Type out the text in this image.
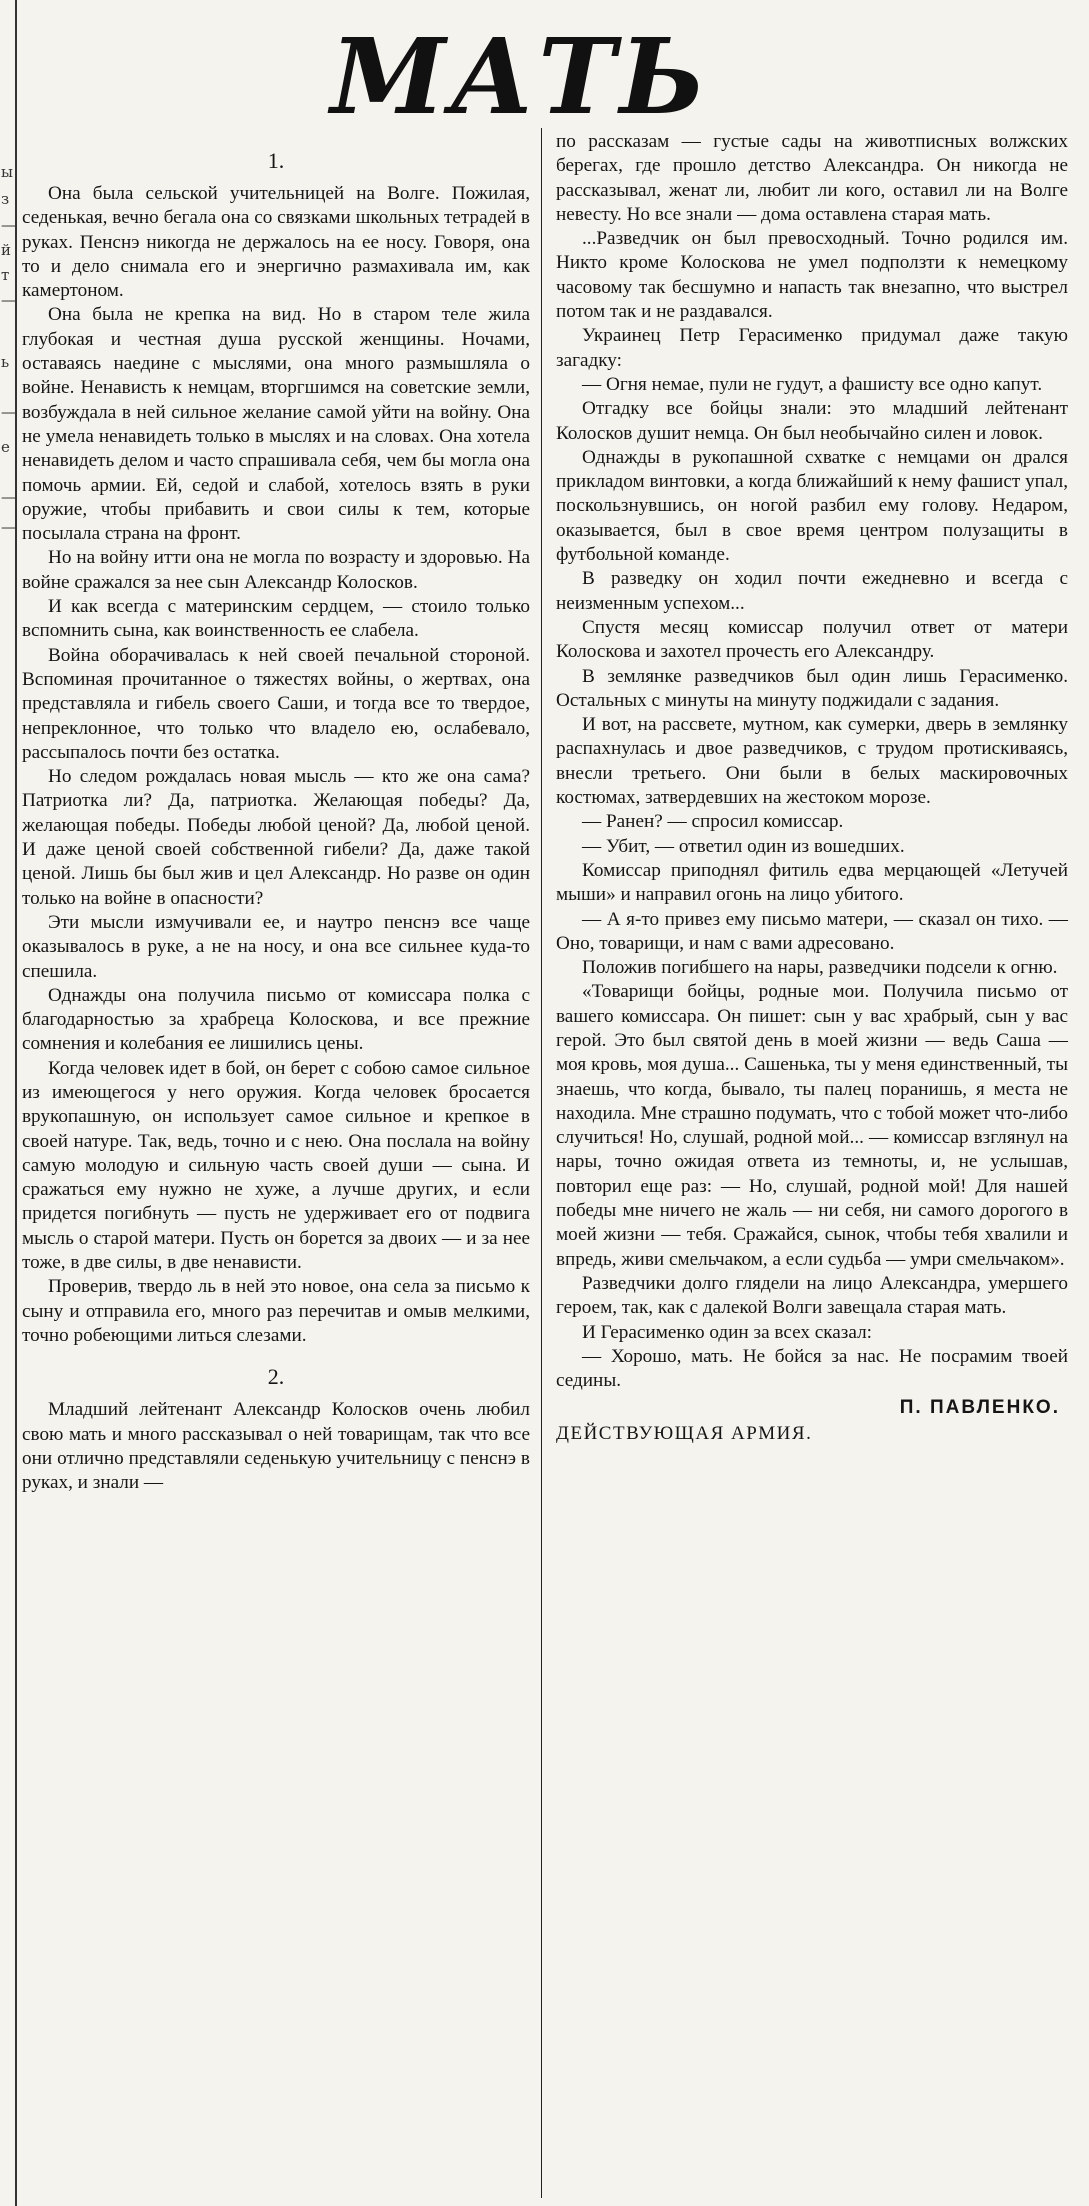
ы
з
—
й
т
—
ь
—
е
—
—
МАТЬ
1.

Она была сельской учительницей на Волге. Пожилая, седенькая, вечно бегала она со связками школьных тетрадей в руках. Пенснэ никогда не держалось на ее носу. Говоря, она то и дело снимала его и энергично размахивала им, как камертоном.

Она была не крепка на вид. Но в старом теле жила глубокая и честная душа русской женщины. Ночами, оставаясь наедине с мыслями, она много размышляла о войне. Ненависть к немцам, вторгшимся на советские земли, возбуждала в ней сильное желание самой уйти на войну. Она не умела ненавидеть только в мыслях и на словах. Она хотела ненавидеть делом и часто спрашивала себя, чем бы могла она помочь армии. Ей, седой и слабой, хотелось взять в руки оружие, чтобы прибавить и свои силы к тем, которые посылала страна на фронт.

Но на войну итти она не могла по возрасту и здоровью. На войне сражался за нее сын Александр Колосков.

И как всегда с материнским сердцем, — стоило только вспомнить сына, как воинственность ее слабела.

Война оборачивалась к ней своей печальной стороной. Вспоминая прочитанное о тяжестях войны, о жертвах, она представляла и гибель своего Саши, и тогда все то твердое, непреклонное, что только что владело ею, ослабевало, рассыпалось почти без остатка.

Но следом рождалась новая мысль — кто же она сама? Патриотка ли? Да, патриотка. Желающая победы? Да, желающая победы. Победы любой ценой? Да, любой ценой. И даже ценой своей собственной гибели? Да, даже такой ценой. Лишь бы был жив и цел Александр. Но разве он один только на войне в опасности?

Эти мысли измучивали ее, и наутро пенснэ все чаще оказывалось в руке, а не на носу, и она все сильнее куда-то спешила.

Однажды она получила письмо от комиссара полка с благодарностью за храбреца Колоскова, и все прежние сомнения и колебания ее лишились цены.

Когда человек идет в бой, он берет с собою самое сильное из имеющегося у него оружия. Когда человек бросается врукопашную, он использует самое сильное и крепкое в своей натуре. Так, ведь, точно и с нею. Она послала на войну самую молодую и сильную часть своей души — сына. И сражаться ему нужно не хуже, а лучше других, и если придется погибнуть — пусть не удерживает его от подвига мысль о старой матери. Пусть он борется за двоих — и за нее тоже, в две силы, в две ненависти.

Проверив, твердо ль в ней это новое, она села за письмо к сыну и отправила его, много раз перечитав и омыв мелкими, точно робеющими литься слезами.

2.

Младший лейтенант Александр Колосков очень любил свою мать и много рассказывал о ней товарищам, так что все они отлично представляли седенькую учительницу с пенснэ в руках, и знали —

по рассказам — густые сады на животписных волжских берегах, где прошло детство Александра. Он никогда не рассказывал, женат ли, любит ли кого, оставил ли на Волге невесту. Но все знали — дома оставлена старая мать.

...Разведчик он был превосходный. Точно родился им. Никто кроме Колоскова не умел подползти к немецкому часовому так бесшумно и напасть так внезапно, что выстрел потом так и не раздавался.

Украинец Петр Герасименко придумал даже такую загадку:

— Огня немае, пули не гудут, а фашисту все одно капут.

Отгадку все бойцы знали: это младший лейтенант Колосков душит немца. Он был необычайно силен и ловок.

Однажды в рукопашной схватке с немцами он дрался прикладом винтовки, а когда ближайший к нему фашист упал, поскользнувшись, он ногой разбил ему голову. Недаром, оказывается, был в свое время центром полузащиты в футбольной команде.

В разведку он ходил почти ежедневно и всегда с неизменным успехом...

Спустя месяц комиссар получил ответ от матери Колоскова и захотел прочесть его Александру.

В землянке разведчиков был один лишь Герасименко. Остальных с минуты на минуту поджидали с задания.

И вот, на рассвете, мутном, как сумерки, дверь в землянку распахнулась и двое разведчиков, с трудом протискиваясь, внесли третьего. Они были в белых маскировочных костюмах, затвердевших на жестоком морозе.

— Ранен? — спросил комиссар.

— Убит, — ответил один из вошедших.

Комиссар приподнял фитиль едва мерцающей «Летучей мыши» и направил огонь на лицо убитого.

— А я-то привез ему письмо матери, — сказал он тихо. — Оно, товарищи, и нам с вами адресовано.

Положив погибшего на нары, разведчики подсели к огню.

«Товарищи бойцы, родные мои. Получила письмо от вашего комиссара. Он пишет: сын у вас храбрый, сын у вас герой. Это был святой день в моей жизни — ведь Саша — моя кровь, моя душа... Сашенька, ты у меня единственный, ты знаешь, что когда, бывало, ты палец поранишь, я места не находила. Мне страшно подумать, что с тобой может что-либо случиться! Но, слушай, родной мой... — комиссар взглянул на нары, точно ожидая ответа из темноты, и, не услышав, повторил еще раз: — Но, слушай, родной мой! Для нашей победы мне ничего не жаль — ни себя, ни самого дорогого в моей жизни — тебя. Сражайся, сынок, чтобы тебя хвалили и впредь, живи смельчаком, а если судьба — умри смельчаком».

Разведчики долго глядели на лицо Александра, умершего героем, так, как с далекой Волги завещала старая мать.

И Герасименко один за всех сказал:

— Хорошо, мать. Не бойся за нас. Не посрамим твоей седины.

П. ПАВЛЕНКО.
ДЕЙСТВУЮЩАЯ АРМИЯ.
